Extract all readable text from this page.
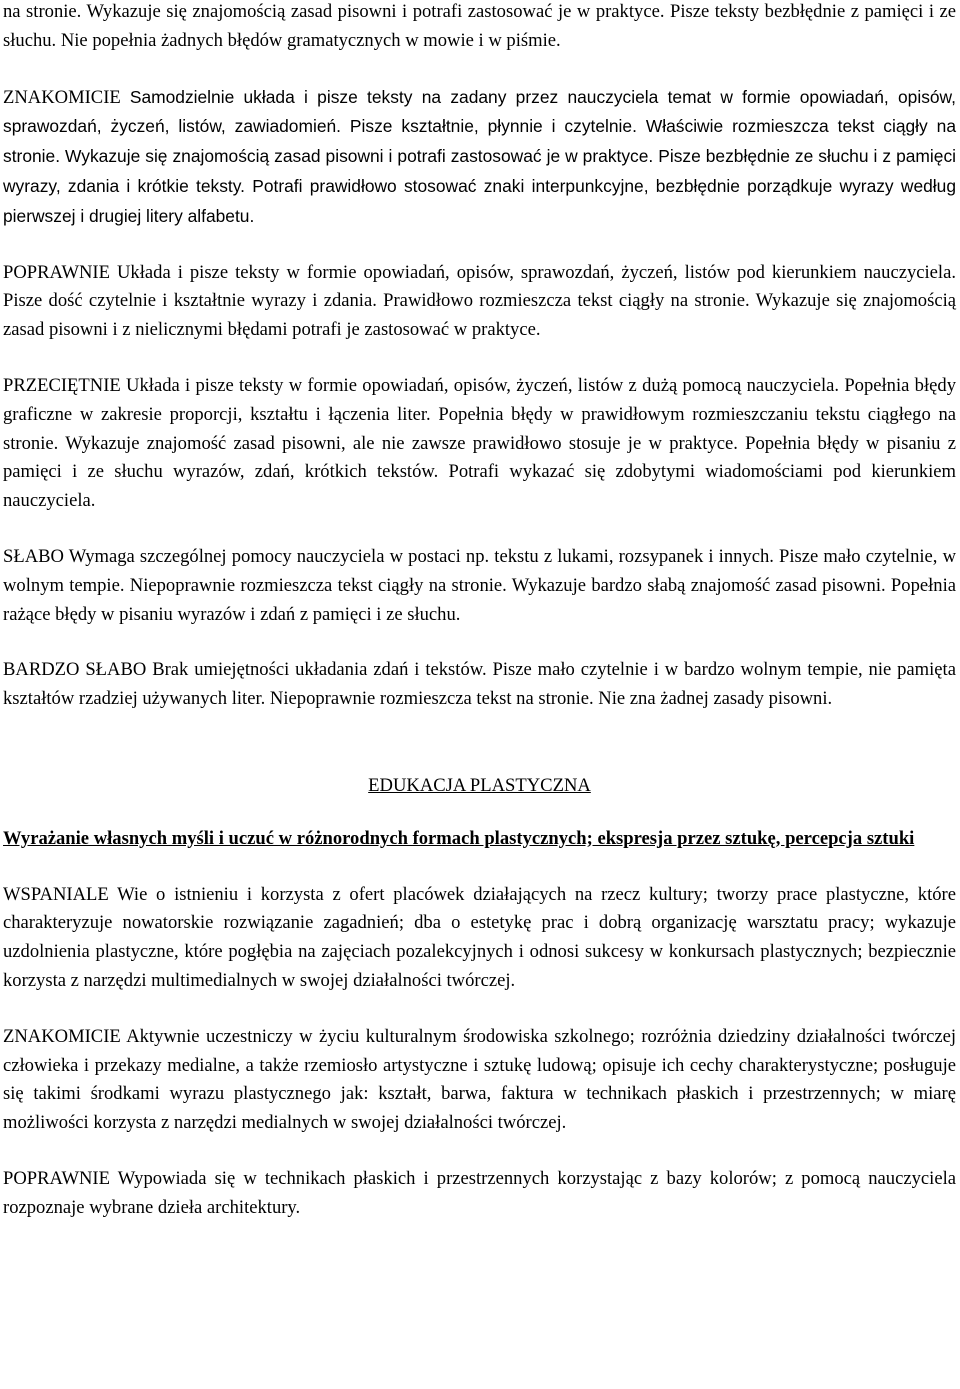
na stronie. Wykazuje się znajomością zasad pisowni i potrafi zastosować je w praktyce. Pisze teksty bezbłędnie z pamięci i ze słuchu. Nie popełnia żadnych błędów gramatycznych w mowie i w piśmie.

ZNAKOMICIE Samodzielnie układa i pisze teksty na zadany przez nauczyciela temat w formie opowiadań, opisów, sprawozdań, życzeń, listów, zawiadomień. Pisze kształtnie, płynnie i czytelnie. Właściwie rozmieszcza tekst ciągły na stronie. Wykazuje się znajomością zasad pisowni i potrafi zastosować je w praktyce. Pisze bezbłędnie ze słuchu i z pamięci wyrazy, zdania i krótkie teksty. Potrafi prawidłowo stosować znaki interpunkcyjne, bezbłędnie porządkuje wyrazy według pierwszej i drugiej litery alfabetu.

POPRAWNIE Układa i pisze teksty w formie opowiadań, opisów, sprawozdań, życzeń, listów pod kierunkiem nauczyciela. Pisze dość czytelnie i kształtnie wyrazy i zdania. Prawidłowo rozmieszcza tekst ciągły na stronie. Wykazuje się znajomością zasad pisowni i z nielicznymi błędami potrafi je zastosować w praktyce.

PRZECIĘTNIE Układa i pisze teksty w formie opowiadań, opisów, życzeń, listów z dużą pomocą nauczyciela. Popełnia błędy graficzne w zakresie proporcji, kształtu i łączenia liter. Popełnia błędy w prawidłowym rozmieszczaniu tekstu ciągłego na stronie. Wykazuje znajomość zasad pisowni, ale nie zawsze prawidłowo stosuje je w praktyce. Popełnia błędy w pisaniu z pamięci i ze słuchu wyrazów, zdań, krótkich tekstów. Potrafi wykazać się zdobytymi wiadomościami pod kierunkiem nauczyciela.

SŁABO Wymaga szczególnej pomocy nauczyciela w postaci np. tekstu z lukami, rozsypanek i innych. Pisze mało czytelnie, w wolnym tempie. Niepoprawnie rozmieszcza tekst ciągły na stronie. Wykazuje bardzo słabą znajomość zasad pisowni. Popełnia rażące błędy w pisaniu wyrazów i zdań z pamięci i ze słuchu.

BARDZO SŁABO Brak umiejętności układania zdań i tekstów. Pisze mało czytelnie i w bardzo wolnym tempie, nie pamięta kształtów rzadziej używanych liter. Niepoprawnie rozmieszcza tekst na stronie. Nie zna żadnej zasady pisowni.

EDUKACJA PLASTYCZNA

Wyrażanie własnych myśli i uczuć w różnorodnych formach plastycznych; ekspresja przez sztukę, percepcja sztuki

WSPANIALE Wie o istnieniu i korzysta z ofert placówek działających na rzecz kultury; tworzy prace plastyczne, które charakteryzuje nowatorskie rozwiązanie zagadnień; dba o estetykę prac i dobrą organizację warsztatu pracy; wykazuje uzdolnienia plastyczne, które pogłębia na zajęciach pozalekcyjnych i odnosi sukcesy w konkursach plastycznych; bezpiecznie korzysta z narzędzi multimedialnych w swojej działalności twórczej.

ZNAKOMICIE Aktywnie uczestniczy w życiu kulturalnym środowiska szkolnego; rozróżnia dziedziny działalności twórczej człowieka i przekazy medialne, a także rzemiosło artystyczne i sztukę ludową; opisuje ich cechy charakterystyczne; posługuje się takimi środkami wyrazu plastycznego jak: kształt, barwa, faktura w technikach płaskich i przestrzennych; w miarę możliwości korzysta z narzędzi medialnych w swojej działalności twórczej.

POPRAWNIE Wypowiada się w technikach płaskich i przestrzennych korzystając z bazy kolorów; z pomocą nauczyciela rozpoznaje wybrane dzieła architektury.
